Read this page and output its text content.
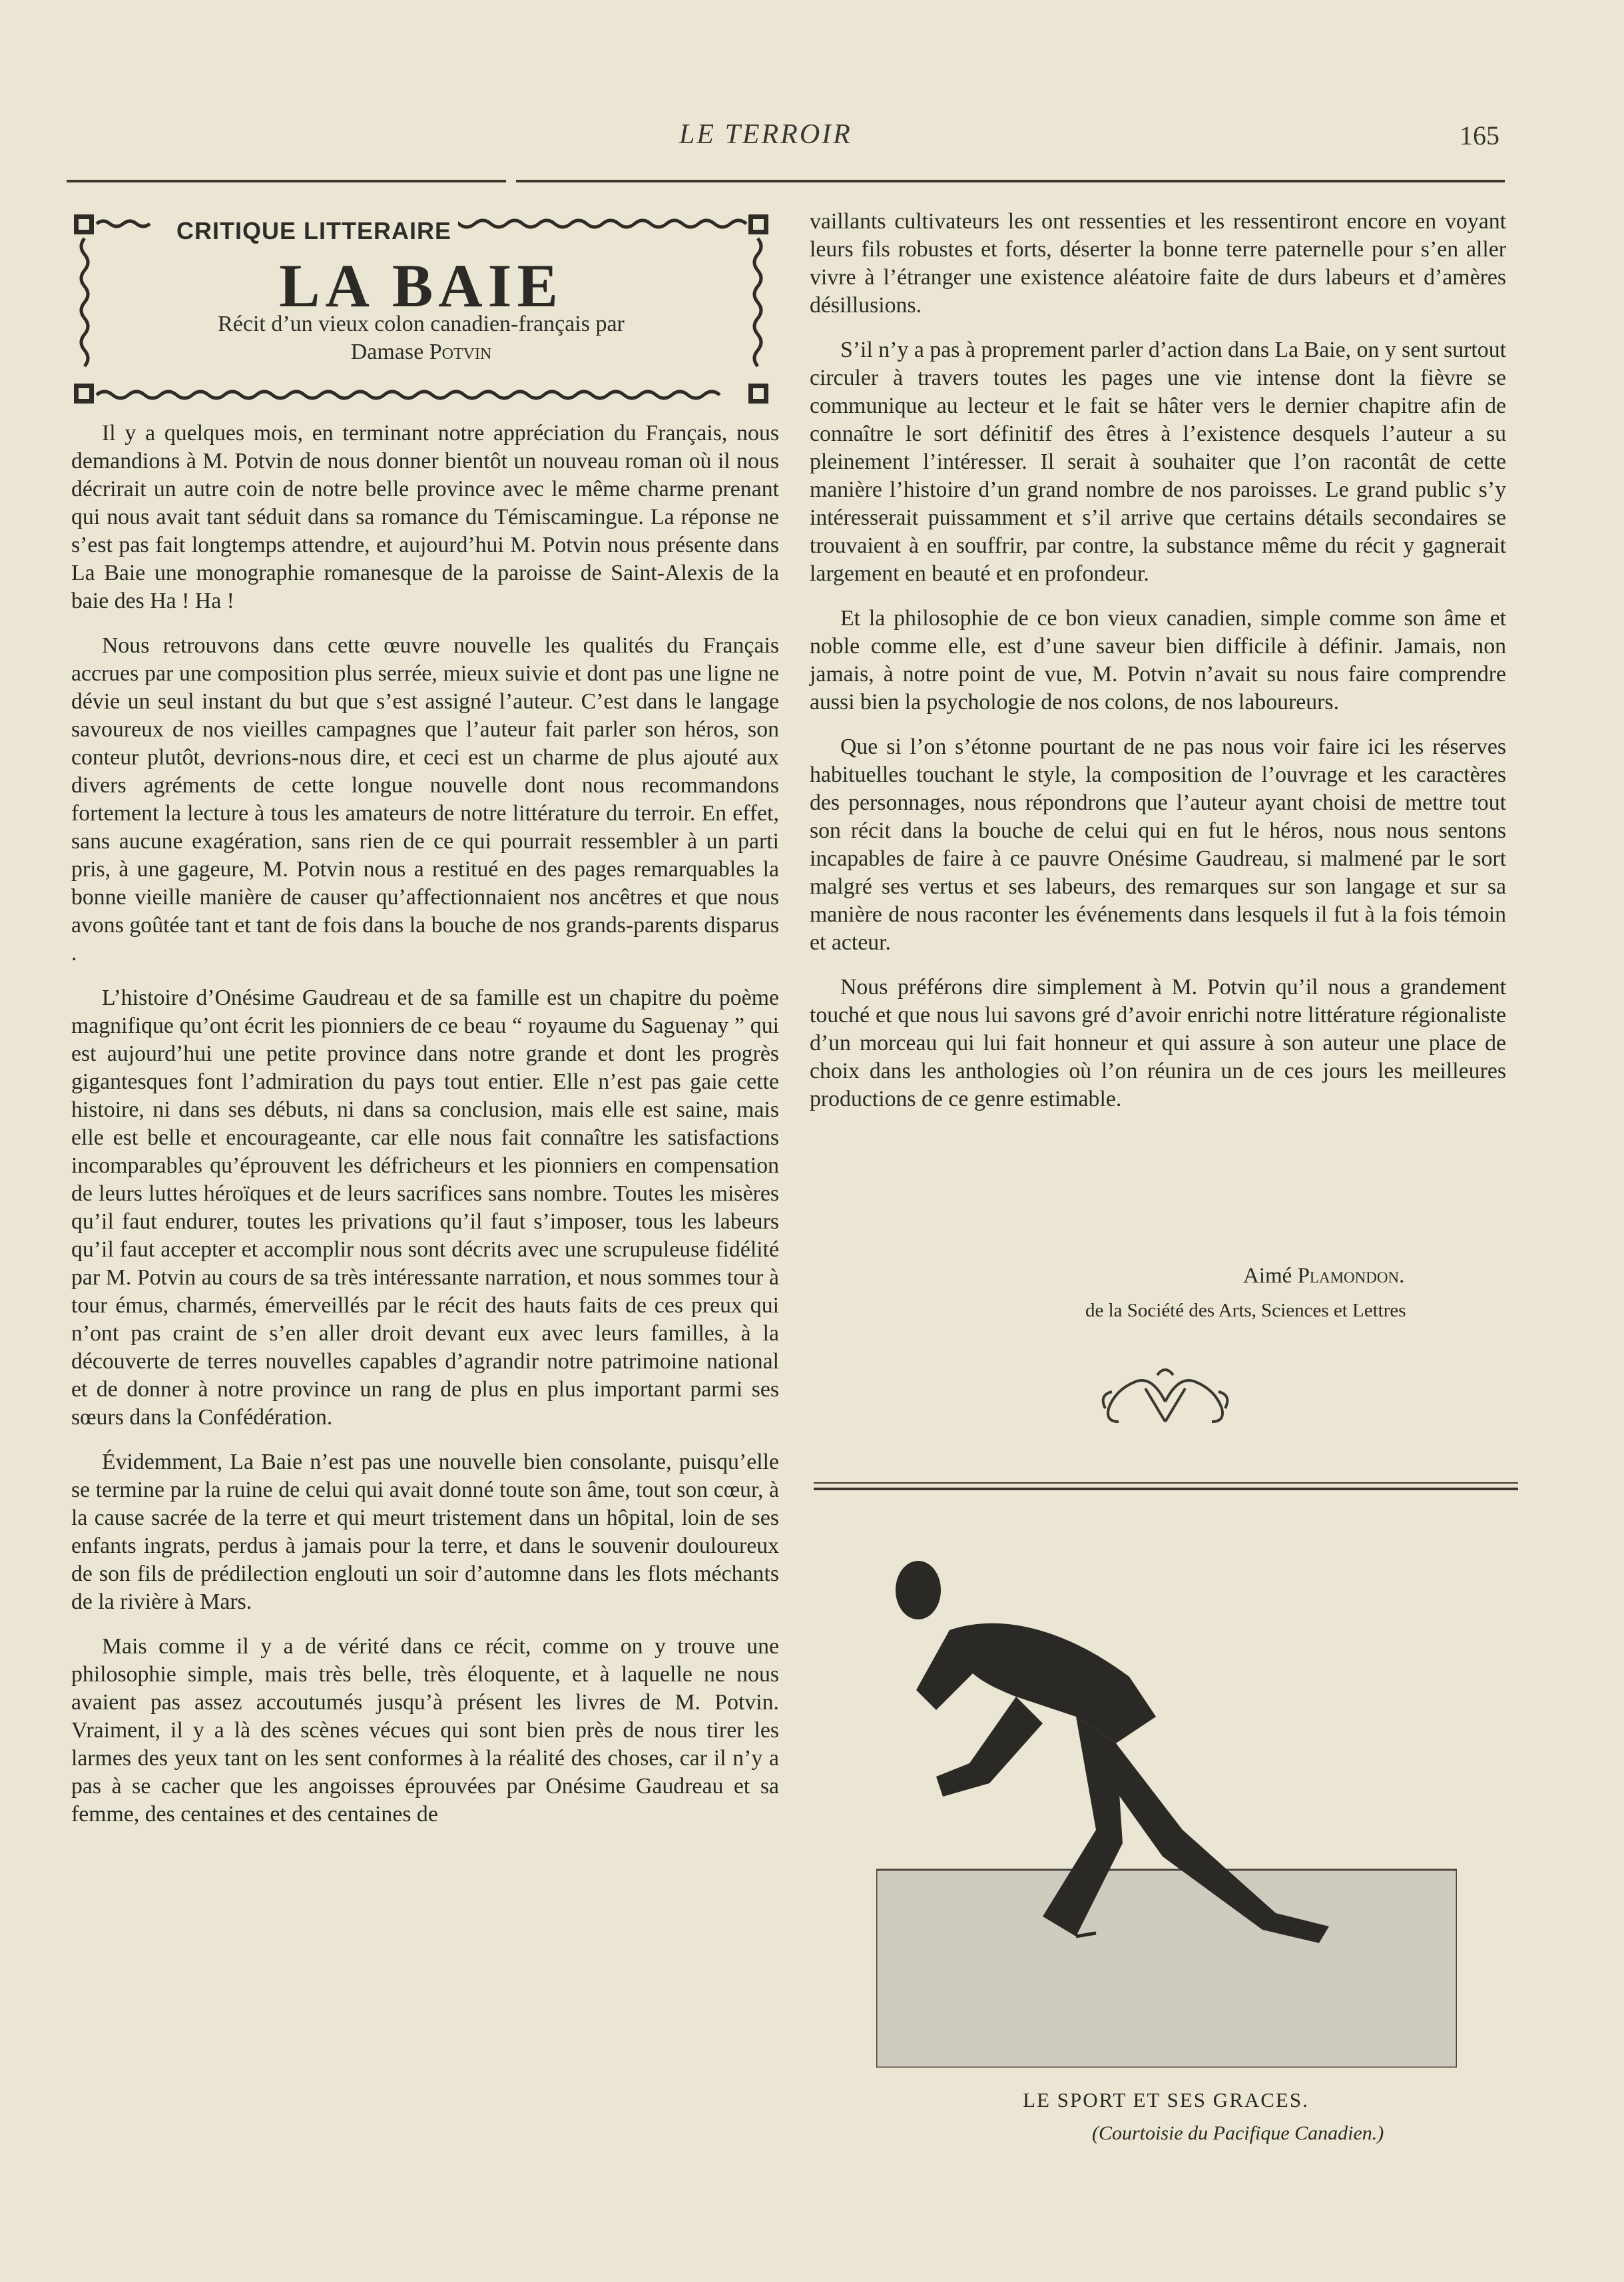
LE TERROIR	165
CRITIQUE LITTERAIRE
LA BAIE
Récit d’un vieux colon canadien-français par
Damase Potvin

Il y a quelques mois, en terminant notre appréciation du Français, nous demandions à M. Potvin de nous donner bientôt un nouveau roman où il nous décrirait un autre coin de notre belle province avec le même charme prenant qui nous avait tant séduit dans sa romance du Témiscamingue. La réponse ne s’est pas fait longtemps attendre, et aujourd’hui M. Potvin nous présente dans La Baie une monographie romanesque de la paroisse de Saint-Alexis de la baie des Ha ! Ha !

Nous retrouvons dans cette œuvre nouvelle les qualités du Français accrues par une composition plus serrée, mieux suivie et dont pas une ligne ne dévie un seul instant du but que s’est assigné l’auteur. C’est dans le langage savoureux de nos vieilles campagnes que l’auteur fait parler son héros, son conteur plutôt, devrions-nous dire, et ceci est un charme de plus ajouté aux divers agréments de cette longue nouvelle dont nous recommandons fortement la lecture à tous les amateurs de notre littérature du terroir. En effet, sans aucune exagération, sans rien de ce qui pourrait ressembler à un parti pris, à une gageure, M. Potvin nous a restitué en des pages remarquables la bonne vieille manière de causer qu’affectionnaient nos ancêtres et que nous avons goûtée tant et tant de fois dans la bouche de nos grands-parents disparus .

L’histoire d’Onésime Gaudreau et de sa famille est un chapitre du poème magnifique qu’ont écrit les pionniers de ce beau “ royaume du Saguenay ” qui est aujourd’hui une petite province dans notre grande et dont les progrès gigantesques font l’admiration du pays tout entier. Elle n’est pas gaie cette histoire, ni dans ses débuts, ni dans sa conclusion, mais elle est saine, mais elle est belle et encourageante, car elle nous fait connaître les satisfactions incomparables qu’éprouvent les défricheurs et les pionniers en compensation de leurs luttes héroïques et de leurs sacrifices sans nombre. Toutes les misères qu’il faut endurer, toutes les privations qu’il faut s’imposer, tous les labeurs qu’il faut accepter et accomplir nous sont décrits avec une scrupuleuse fidélité par M. Potvin au cours de sa très intéressante narration, et nous sommes tour à tour émus, charmés, émerveillés par le récit des hauts faits de ces preux qui n’ont pas craint de s’en aller droit devant eux avec leurs familles, à la découverte de terres nouvelles capables d’agrandir notre patrimoine national et de donner à notre province un rang de plus en plus important parmi ses sœurs dans la Confédération.

Évidemment, La Baie n’est pas une nouvelle bien consolante, puisqu’elle se termine par la ruine de celui qui avait donné toute son âme, tout son cœur, à la cause sacrée de la terre et qui meurt tristement dans un hôpital, loin de ses enfants ingrats, perdus à jamais pour la terre, et dans le souvenir douloureux de son fils de prédilection englouti un soir d’automne dans les flots méchants de la rivière à Mars.

Mais comme il y a de vérité dans ce récit, comme on y trouve une philosophie simple, mais très belle, très éloquente, et à laquelle ne nous avaient pas assez accoutumés jusqu’à présent les livres de M. Potvin. Vraiment, il y a là des scènes vécues qui sont bien près de nous tirer les larmes des yeux tant on les sent conformes à la réalité des choses, car il n’y a pas à se cacher que les angoisses éprouvées par Onésime Gaudreau et sa femme, des centaines et des centaines de

vaillants cultivateurs les ont ressenties et les ressentiront encore en voyant leurs fils robustes et forts, déserter la bonne terre paternelle pour s’en aller vivre à l’étranger une existence aléatoire faite de durs labeurs et d’amères désillusions.

S’il n’y a pas à proprement parler d’action dans La Baie, on y sent surtout circuler à travers toutes les pages une vie intense dont la fièvre se communique au lecteur et le fait se hâter vers le dernier chapitre afin de connaître le sort définitif des êtres à l’existence desquels l’auteur a su pleinement l’intéresser. Il serait à souhaiter que l’on racontât de cette manière l’histoire d’un grand nombre de nos paroisses. Le grand public s’y intéresserait puissamment et s’il arrive que certains détails secondaires se trouvaient à en souffrir, par contre, la substance même du récit y gagnerait largement en beauté et en profondeur.

Et la philosophie de ce bon vieux canadien, simple comme son âme et noble comme elle, est d’une saveur bien difficile à définir. Jamais, non jamais, à notre point de vue, M. Potvin n’avait su nous faire comprendre aussi bien la psychologie de nos colons, de nos laboureurs.

Que si l’on s’étonne pourtant de ne pas nous voir faire ici les réserves habituelles touchant le style, la composition de l’ouvrage et les caractères des personnages, nous répondrons que l’auteur ayant choisi de mettre tout son récit dans la bouche de celui qui en fut le héros, nous nous sentons incapables de faire à ce pauvre Onésime Gaudreau, si malmené par le sort malgré ses vertus et ses labeurs, des remarques sur son langage et sur sa manière de nous raconter les événements dans lesquels il fut à la fois témoin et acteur.

Nous préférons dire simplement à M. Potvin qu’il nous a grandement touché et que nous lui savons gré d’avoir enrichi notre littérature régionaliste d’un morceau qui lui fait honneur et qui assure à son auteur une place de choix dans les anthologies où l’on réunira un de ces jours les meilleures productions de ce genre estimable.

Aimé Plamondon.
de la Société des Arts, Sciences et Lettres
LE SPORT ET SES GRACES.
(Courtoisie du Pacifique Canadien.)
